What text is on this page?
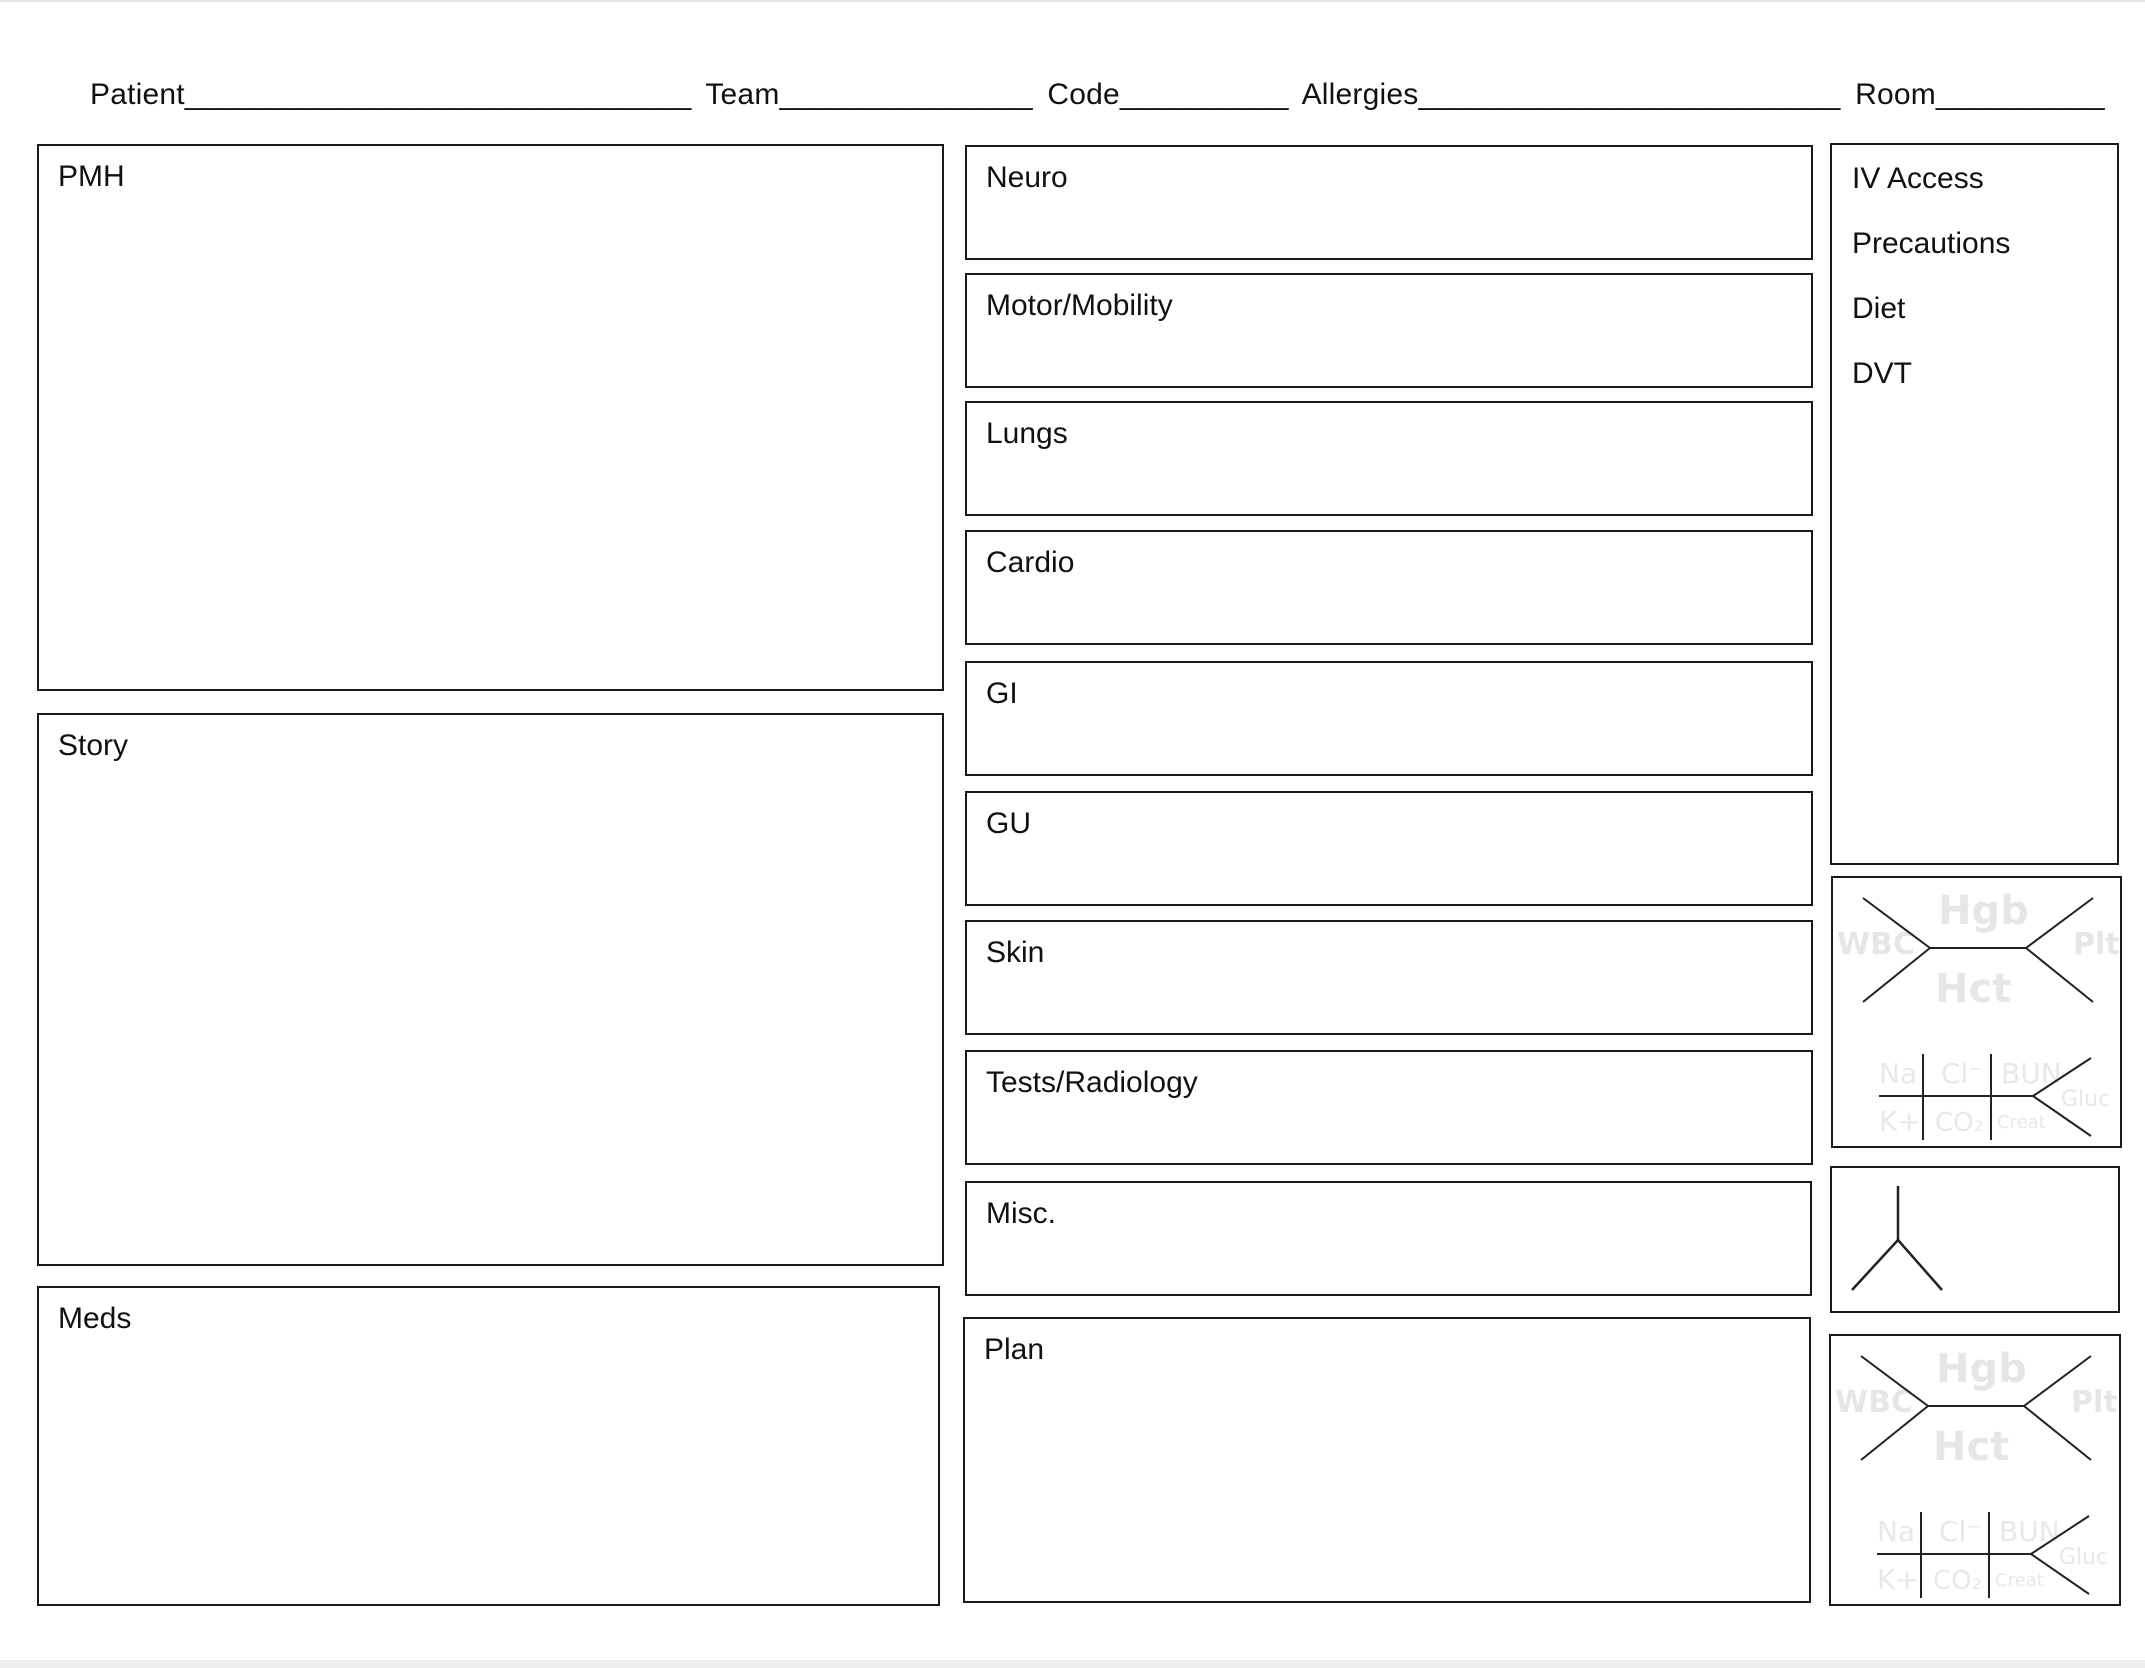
Patient______________________________ Team_______________ Code__________ Allergies_________________________ Room__________
PMH
Story
Meds
Neuro
Motor/Mobility
Lungs
Cardio
GI
GU
Skin
Tests/Radiology
Misc.
Plan
IV Access
Precautions
Diet
DVT
Hgb
Hct
WBC	Plt
Na Cl⁻ BUN
K+ CO₂ Creat
Gluc
Hgb
Hct
WBC	Plt
Na Cl⁻ BUN
K+ CO₂ Creat
Gluc
